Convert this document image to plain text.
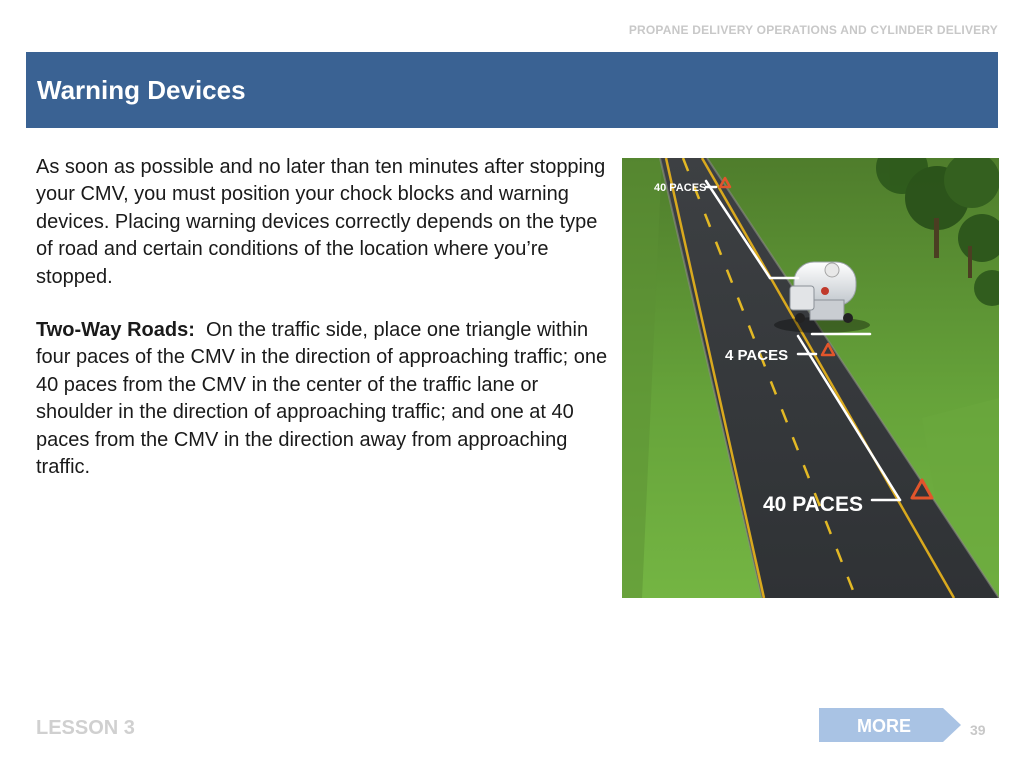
PROPANE DELIVERY OPERATIONS AND CYLINDER DELIVERY
Warning Devices

As soon as possible and no later than ten minutes after stopping your CMV, you must position your chock blocks and warning devices. Placing warning devices correctly depends on the type of road and certain conditions of the location where you’re stopped.

Two-Way Roads: On the traffic side, place one triangle within four paces of the CMV in the direction of approaching traffic; one 40 paces from the CMV in the center of the traffic lane or shoulder in the direction of approaching traffic; and one at 40 paces from the CMV in the direction away from approaching traffic.

40 PACES
4 PACES
40 PACES
LESSON 3	MORE	39
